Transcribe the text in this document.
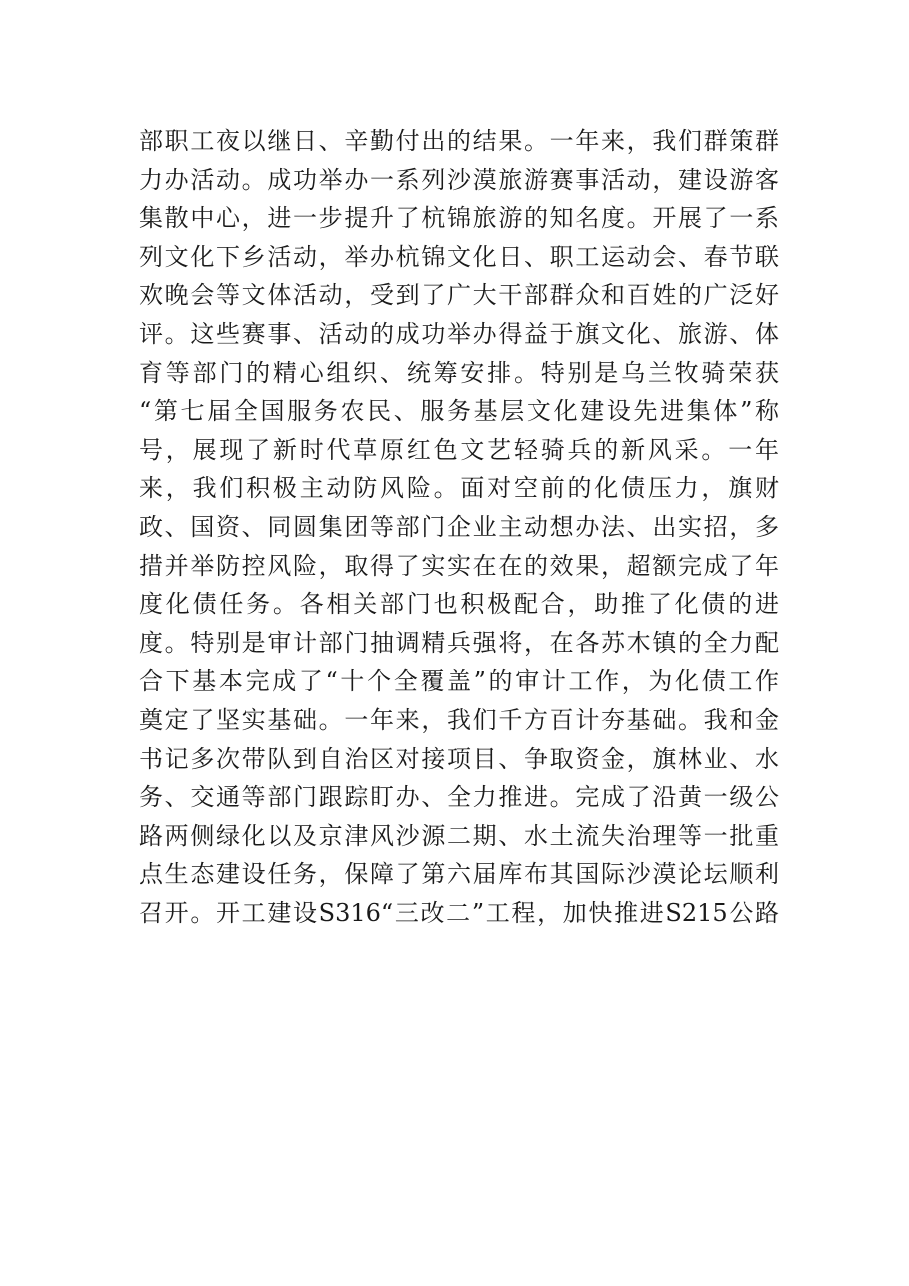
部职工夜以继日、辛勤付出的结果。一年来，我们群策群
力办活动。成功举办一系列沙漠旅游赛事活动，建设游客
集散中心，进一步提升了杭锦旅游的知名度。开展了一系
列文化下乡活动，举办杭锦文化日、职工运动会、春节联
欢晚会等文体活动，受到了广大干部群众和百姓的广泛好
评。这些赛事、活动的成功举办得益于旗文化、旅游、体
育等部门的精心组织、统筹安排。特别是乌兰牧骑荣获
“第七届全国服务农民、服务基层文化建设先进集体”称
号，展现了新时代草原红色文艺轻骑兵的新风采。一年
来，我们积极主动防风险。面对空前的化债压力，旗财
政、国资、同圆集团等部门企业主动想办法、出实招，多
措并举防控风险，取得了实实在在的效果，超额完成了年
度化债任务。各相关部门也积极配合，助推了化债的进
度。特别是审计部门抽调精兵强将，在各苏木镇的全力配
合下基本完成了“十个全覆盖”的审计工作，为化债工作
奠定了坚实基础。一年来，我们千方百计夯基础。我和金
书记多次带队到自治区对接项目、争取资金，旗林业、水
务、交通等部门跟踪盯办、全力推进。完成了沿黄一级公
路两侧绿化以及京津风沙源二期、水土流失治理等一批重
点生态建设任务，保障了第六届库布其国际沙漠论坛顺利
召开。开工建设S316“三改二”工程，加快推进S215公路
